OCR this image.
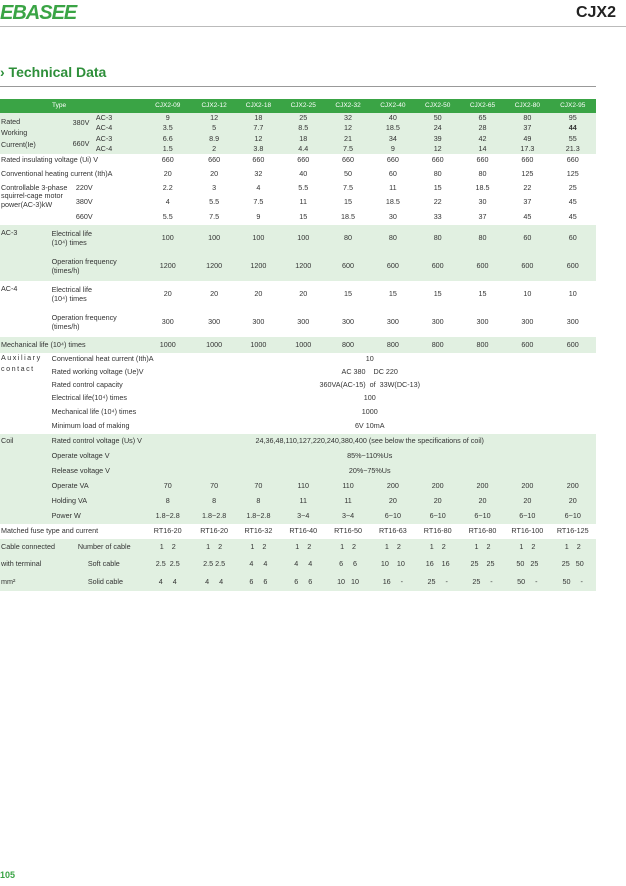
EBASEE	CJX2
› Technical Data
Type			CJX2-09	CJX2-12	CJX2-18	CJX2-25	CJX2-32	CJX2-40	CJX2-50	CJX2-65	CJX2-80	CJX2-95

Rated
Working
Current(Ie)	380V	AC-3	9	12	18	25	32	40	50	65	80	95
		AC-4	3.5	5	7.7	8.5	12	18.5	24	28	37	44
	660V	AC-3	6.6	8.9	12	18	21	34	39	42	49	55
		AC-4	1.5	2	3.8	4.4	7.5	9	12	14	17.3	21.3
Rated insulating voltage (Ui) V			660	660	660	660	660	660	660	660	660	660
Conventional heating current (Ith)A			20	20	32	40	50	60	80	80	125	125
Controllable 3-phase squirrel-cage motor power(AC-3)kW		220V	2.2	3	4	5.5	7.5	11	15	18.5	22	25
		380V	4	5.5	7.5	11	15	18.5	22	30	37	45
		660V	5.5	7.5	9	15	18.5	30	33	37	45	45
AC-3	Electrical life
(10⁴) times		100	100	100	100	80	80	80	80	60	60

	Operation frequency
(times/h)		1200	1200	1200	1200	600	600	600	600	600	600
AC-4	Electrical life
(10⁴) times		20	20	20	20	15	15	15	15	10	10

	Operation frequency
(times/h)		300	300	300	300	300	300	300	300	300	300
Mechanical life (10⁴) times			1000	1000	1000	1000	800	800	800	800	600	600

Auxiliary
contact	Conventional heat current (Ith)A		10									
	Rated working voltage (Ue)V		AC 380    DC 220									
	Rated control capacity		360VA(AC-15)  of  33W(DC-13)									
	Electrical life(10⁴) times		100									
	Mechanical life (10⁴) times		1000									
	Minimum load of making		6V 10mA									
Coil	Rated control voltage (Us) V		24,36,48,110,127,220,240,380,400 (see below the specifications of coil)									
	Operate voltage V		85%~110%Us									
	Release voltage V		20%~75%Us									
	Operate VA		70	70	70	110	110	200	200	200	200	200
	Holding VA		8	8	8	11	11	20	20	20	20	20
	Power W		1.8~2.8	1.8~2.8	1.8~2.8	3~4	3~4	6~10	6~10	6~10	6~10	6~10
Matched fuse type and current			RT16-20	RT16-20	RT16-32	RT16-40	RT16-50	RT16-63	RT16-80	RT16-80	RT16-100	RT16-125
Cable connected		Number of cable	1    2	1    2	1    2	1    2	1    2	1    2	1    2	1    2	1    2	1    2
with terminal		Soft cable	2.5  2.5	2.5 2.5	4     4	4     4	6     6	10    10	16    16	25    25	50   25	25   50
mm²		Solid cable	4     4	4     4	6     6	6     6	10   10	16     -	25     -	25     -	50     -	50     -
105
